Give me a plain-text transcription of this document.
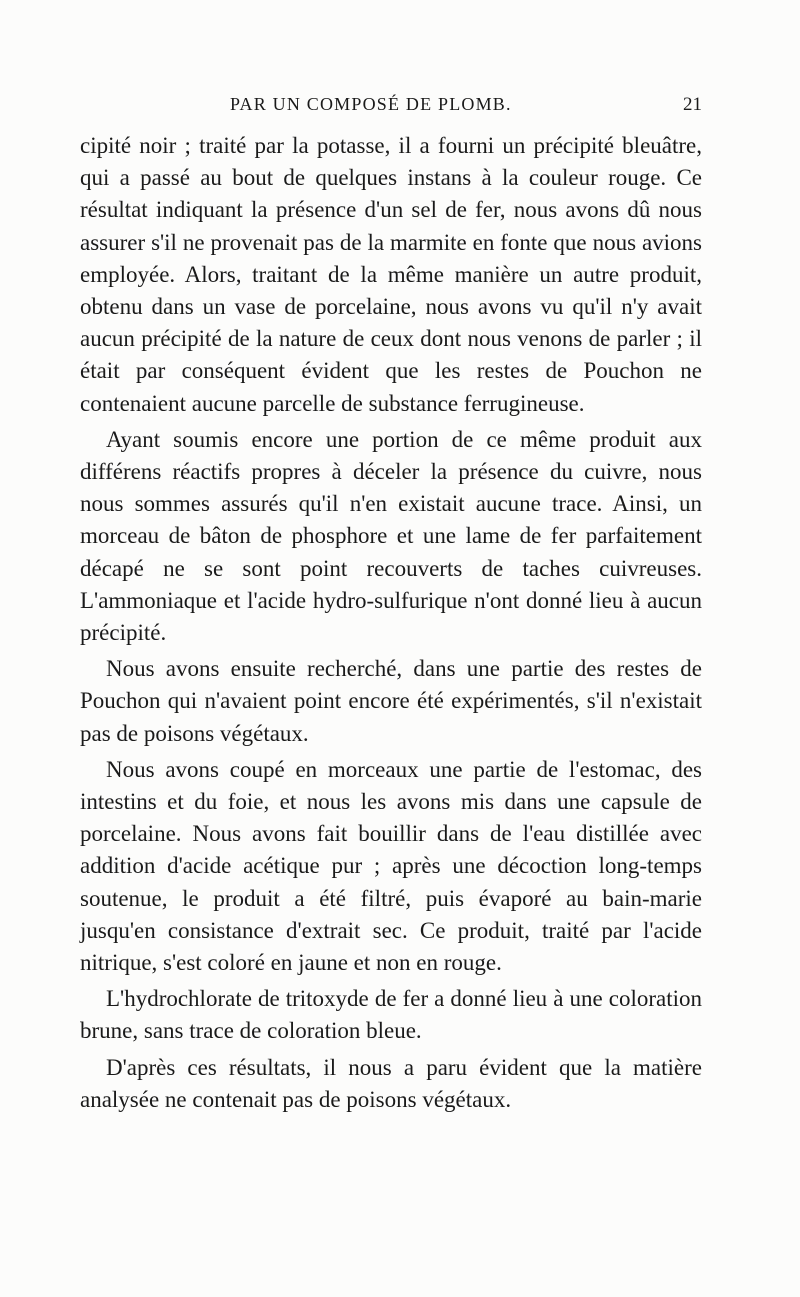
PAR UN COMPOSÉ DE PLOMB.	21

cipité noir ; traité par la potasse, il a fourni un précipité bleuâtre, qui a passé au bout de quelques instans à la couleur rouge. Ce résultat indiquant la présence d'un sel de fer, nous avons dû nous assurer s'il ne provenait pas de la marmite en fonte que nous avions employée. Alors, traitant de la même manière un autre produit, obtenu dans un vase de porcelaine, nous avons vu qu'il n'y avait aucun précipité de la nature de ceux dont nous venons de parler ; il était par conséquent évident que les restes de Pouchon ne contenaient aucune parcelle de substance ferrugineuse.

Ayant soumis encore une portion de ce même produit aux différens réactifs propres à déceler la présence du cuivre, nous nous sommes assurés qu'il n'en existait aucune trace. Ainsi, un morceau de bâton de phosphore et une lame de fer parfaitement décapé ne se sont point recouverts de taches cuivreuses. L'ammoniaque et l'acide hydro-sulfurique n'ont donné lieu à aucun précipité.

Nous avons ensuite recherché, dans une partie des restes de Pouchon qui n'avaient point encore été expérimentés, s'il n'existait pas de poisons végétaux.

Nous avons coupé en morceaux une partie de l'estomac, des intestins et du foie, et nous les avons mis dans une capsule de porcelaine. Nous avons fait bouillir dans de l'eau distillée avec addition d'acide acétique pur ; après une décoction long-temps soutenue, le produit a été filtré, puis évaporé au bain-marie jusqu'en consistance d'extrait sec. Ce produit, traité par l'acide nitrique, s'est coloré en jaune et non en rouge.

L'hydrochlorate de tritoxyde de fer a donné lieu à une coloration brune, sans trace de coloration bleue.

D'après ces résultats, il nous a paru évident que la matière analysée ne contenait pas de poisons végétaux.
